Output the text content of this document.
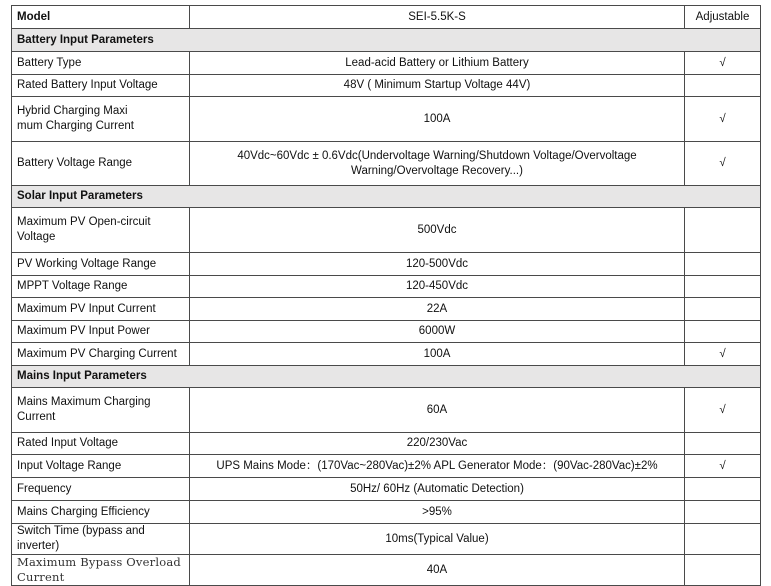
Model	SEI-5.5K-S	Adjustable
Battery Input Parameters		
Battery Type	Lead-acid Battery or Lithium Battery	√
Rated Battery Input Voltage	48V ( Minimum Startup Voltage 44V)	

Hybrid Charging Maxi
mum Charging Current	100A	√
Battery Voltage Range	40Vdc~60Vdc ± 0.6Vdc(Undervoltage Warning/Shutdown Voltage/Overvoltage
Warning/Overvoltage Recovery...)	√
Solar Input Parameters		

Maximum PV Open-circuit
Voltage	500Vdc	
PV Working Voltage Range	120-500Vdc	
MPPT Voltage Range	120-450Vdc	
Maximum PV Input Current	22A	
Maximum PV Input Power	6000W	
Maximum PV Charging Current	100A	√
Mains Input Parameters		

Mains Maximum Charging
Current	60A	√
Rated Input Voltage	220/230Vac	
Input Voltage Range	UPS Mains Mode：(170Vac~280Vac)±2% APL Generator Mode：(90Vac-280Vac)±2%	√
Frequency	50Hz/ 60Hz (Automatic Detection)	
Mains Charging Efficiency	>95%	
Switch Time (bypass and inverter)	10ms(Typical Value)	
Maximum Bypass Overload Current	40A	
